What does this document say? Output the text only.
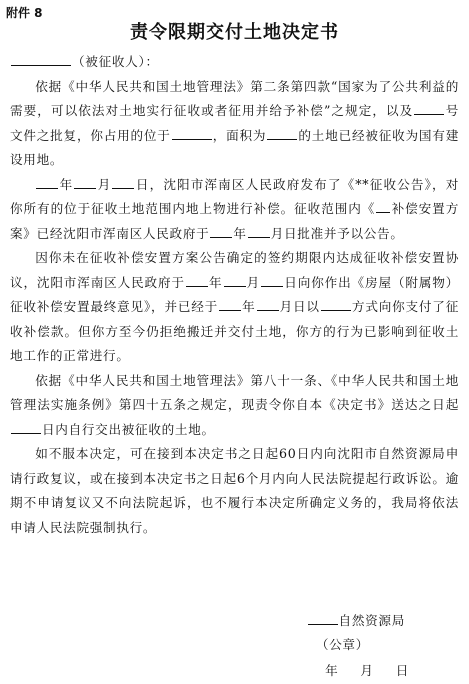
附件 8
责令限期交付土地决定书

（被征收人）：

依据《中华人民共和国土地管理法》第二条第四款“国家为了公共利益的需要，可以依法对土地实行征收或者征用并给予补偿”之规定，以及	号文件之批复，你占用的位于	，面积为	的土地已经被征收为国有建设用地。

年 月 日，沈阳市浑南区人民政府发布了《**征收公告》，对你所有的位于征收土地范围内地上物进行补偿。征收范围内《 补偿安置方案》已经沈阳市浑南区人民政府于 年 月日批准并予以公告。

因你未在征收补偿安置方案公告确定的签约期限内达成征收补偿安置协议，沈阳市浑南区人民政府于 年 月 日向你作出《房屋（附属物）征收补偿安置最终意见》，并已经于 年 月日以	方式向你支付了征收补偿款。但你方至今仍拒绝搬迁并交付土地，你方的行为已影响到征收土地工作的正常进行。

依据《中华人民共和国土地管理法》第八十一条、《中华人民共和国土地管理法实施条例》第四十五条之规定，现责令你自本《决定书》送达之日起日内自行交出被征收的土地。

如不服本决定，可在接到本决定书之日起60日内向沈阳市自然资源局申请行政复议，或在接到本决定书之日起6个月内向人民法院提起行政诉讼。逾期不申请复议又不向法院起诉，也不履行本决定所确定义务的，我局将依法申请人民法院强制执行。

自然资源局
（公章）
年 月 日
